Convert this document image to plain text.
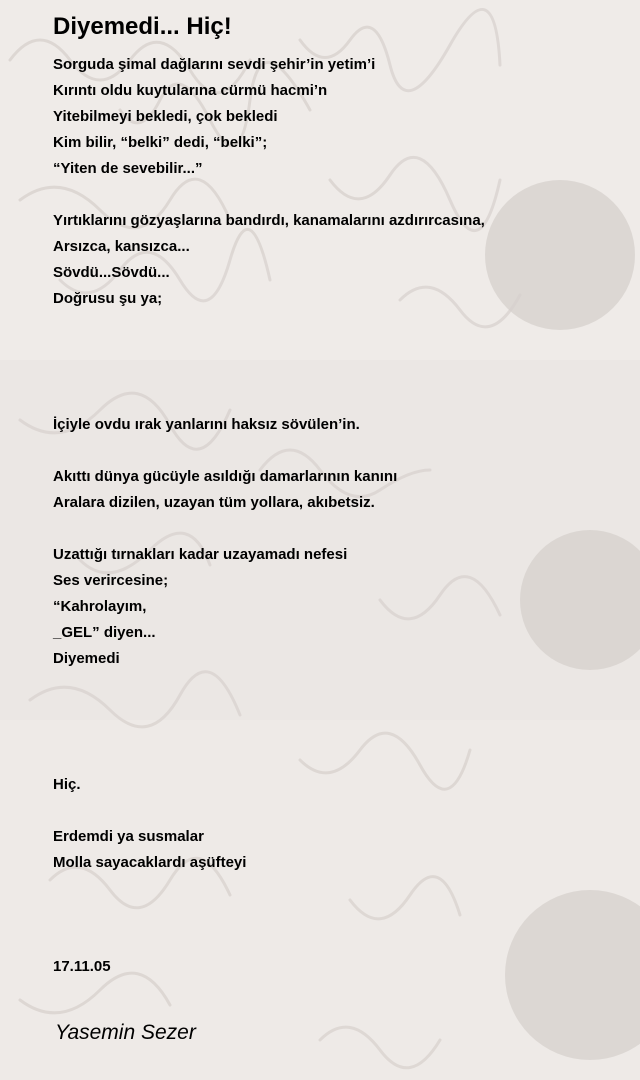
Diyemedi... Hiç!
Sorguda şimal dağlarını sevdi şehir’in yetim’i
Kırıntı oldu kuytularına cürmü hacmi’n
Yitebilmeyi bekledi, çok bekledi
Kim bilir, “belki” dedi, “belki”;
“Yiten de sevebilir...”
Yırtıklarını gözyaşlarına bandırdı, kanamalarını azdırırcasına,
Arsızca, kansızca...
Sövdü...Sövdü...
Doğrusu şu ya;
İçiyle ovdu ırak yanlarını haksız sövülen’in.
Akıttı dünya gücüyle asıldığı damarlarının kanını
Aralara dizilen, uzayan tüm yollara, akıbetsiz.
Uzattığı tırnakları kadar uzayamadı nefesi
Ses verircesine;
“Kahrolayım,
_GEL” diyen...
Diyemedi
Hiç.
Erdemdi ya susmalar
Molla sayacaklardı aşüfteyi
17.11.05
Yasemin Sezer
